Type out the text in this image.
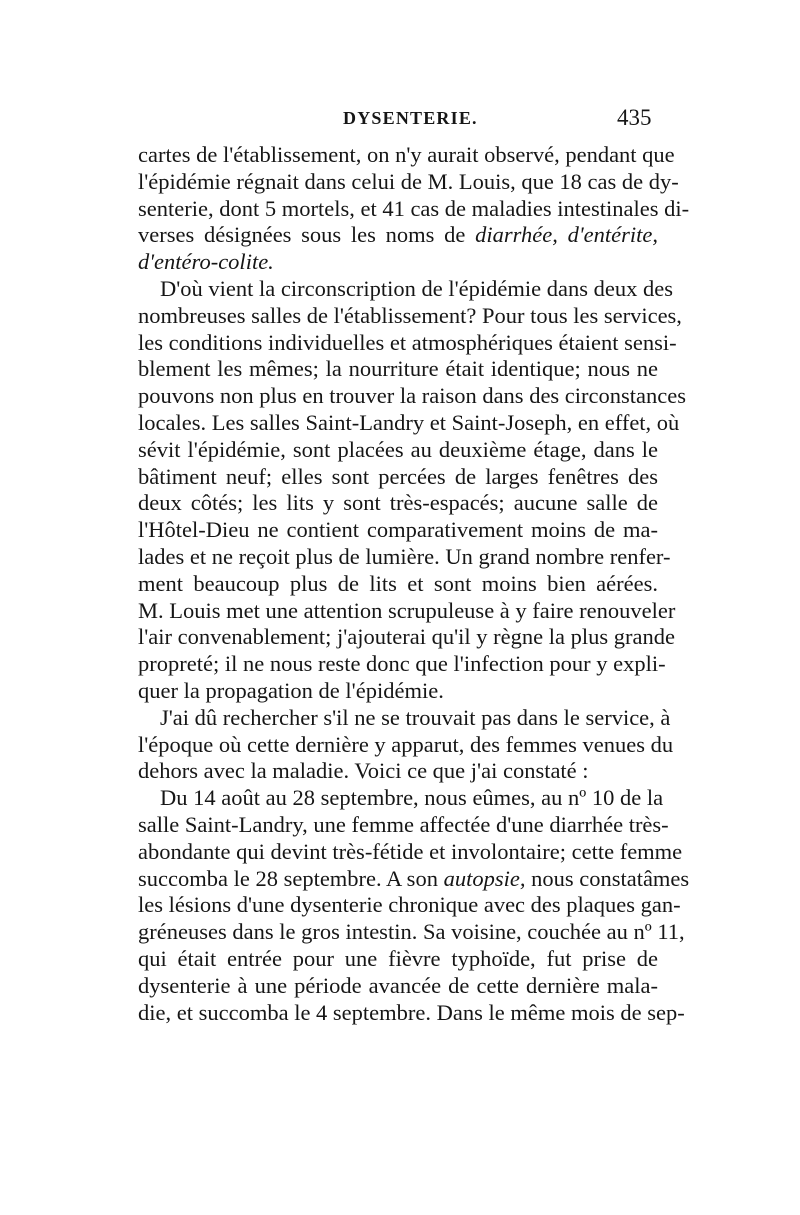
DYSENTERIE.	435
cartes de l'établissement, on n'y aurait observé, pendant que
l'épidémie régnait dans celui de M. Louis, que 18 cas de dy-
senterie, dont 5 mortels, et 41 cas de maladies intestinales di-
verses désignées sous les noms de diarrhée, d'entérite,
d'entéro-colite.
D'où vient la circonscription de l'épidémie dans deux des
nombreuses salles de l'établissement? Pour tous les services,
les conditions individuelles et atmosphériques étaient sensi-
blement les mêmes; la nourriture était identique; nous ne
pouvons non plus en trouver la raison dans des circonstances
locales. Les salles Saint-Landry et Saint-Joseph, en effet, où
sévit l'épidémie, sont placées au deuxième étage, dans le
bâtiment neuf; elles sont percées de larges fenêtres des
deux côtés; les lits y sont très-espacés; aucune salle de
l'Hôtel-Dieu ne contient comparativement moins de ma-
lades et ne reçoit plus de lumière. Un grand nombre renfer-
ment beaucoup plus de lits et sont moins bien aérées.
M. Louis met une attention scrupuleuse à y faire renouveler
l'air convenablement; j'ajouterai qu'il y règne la plus grande
propreté; il ne nous reste donc que l'infection pour y expli-
quer la propagation de l'épidémie.
J'ai dû rechercher s'il ne se trouvait pas dans le service, à
l'époque où cette dernière y apparut, des femmes venues du
dehors avec la maladie. Voici ce que j'ai constaté :
Du 14 août au 28 septembre, nous eûmes, au nº 10 de la
salle Saint-Landry, une femme affectée d'une diarrhée très-
abondante qui devint très-fétide et involontaire; cette femme
succomba le 28 septembre. A son autopsie, nous constatâmes
les lésions d'une dysenterie chronique avec des plaques gan-
gréneuses dans le gros intestin. Sa voisine, couchée au nº 11,
qui était entrée pour une fièvre typhoïde, fut prise de
dysenterie à une période avancée de cette dernière mala-
die, et succomba le 4 septembre. Dans le même mois de sep-
